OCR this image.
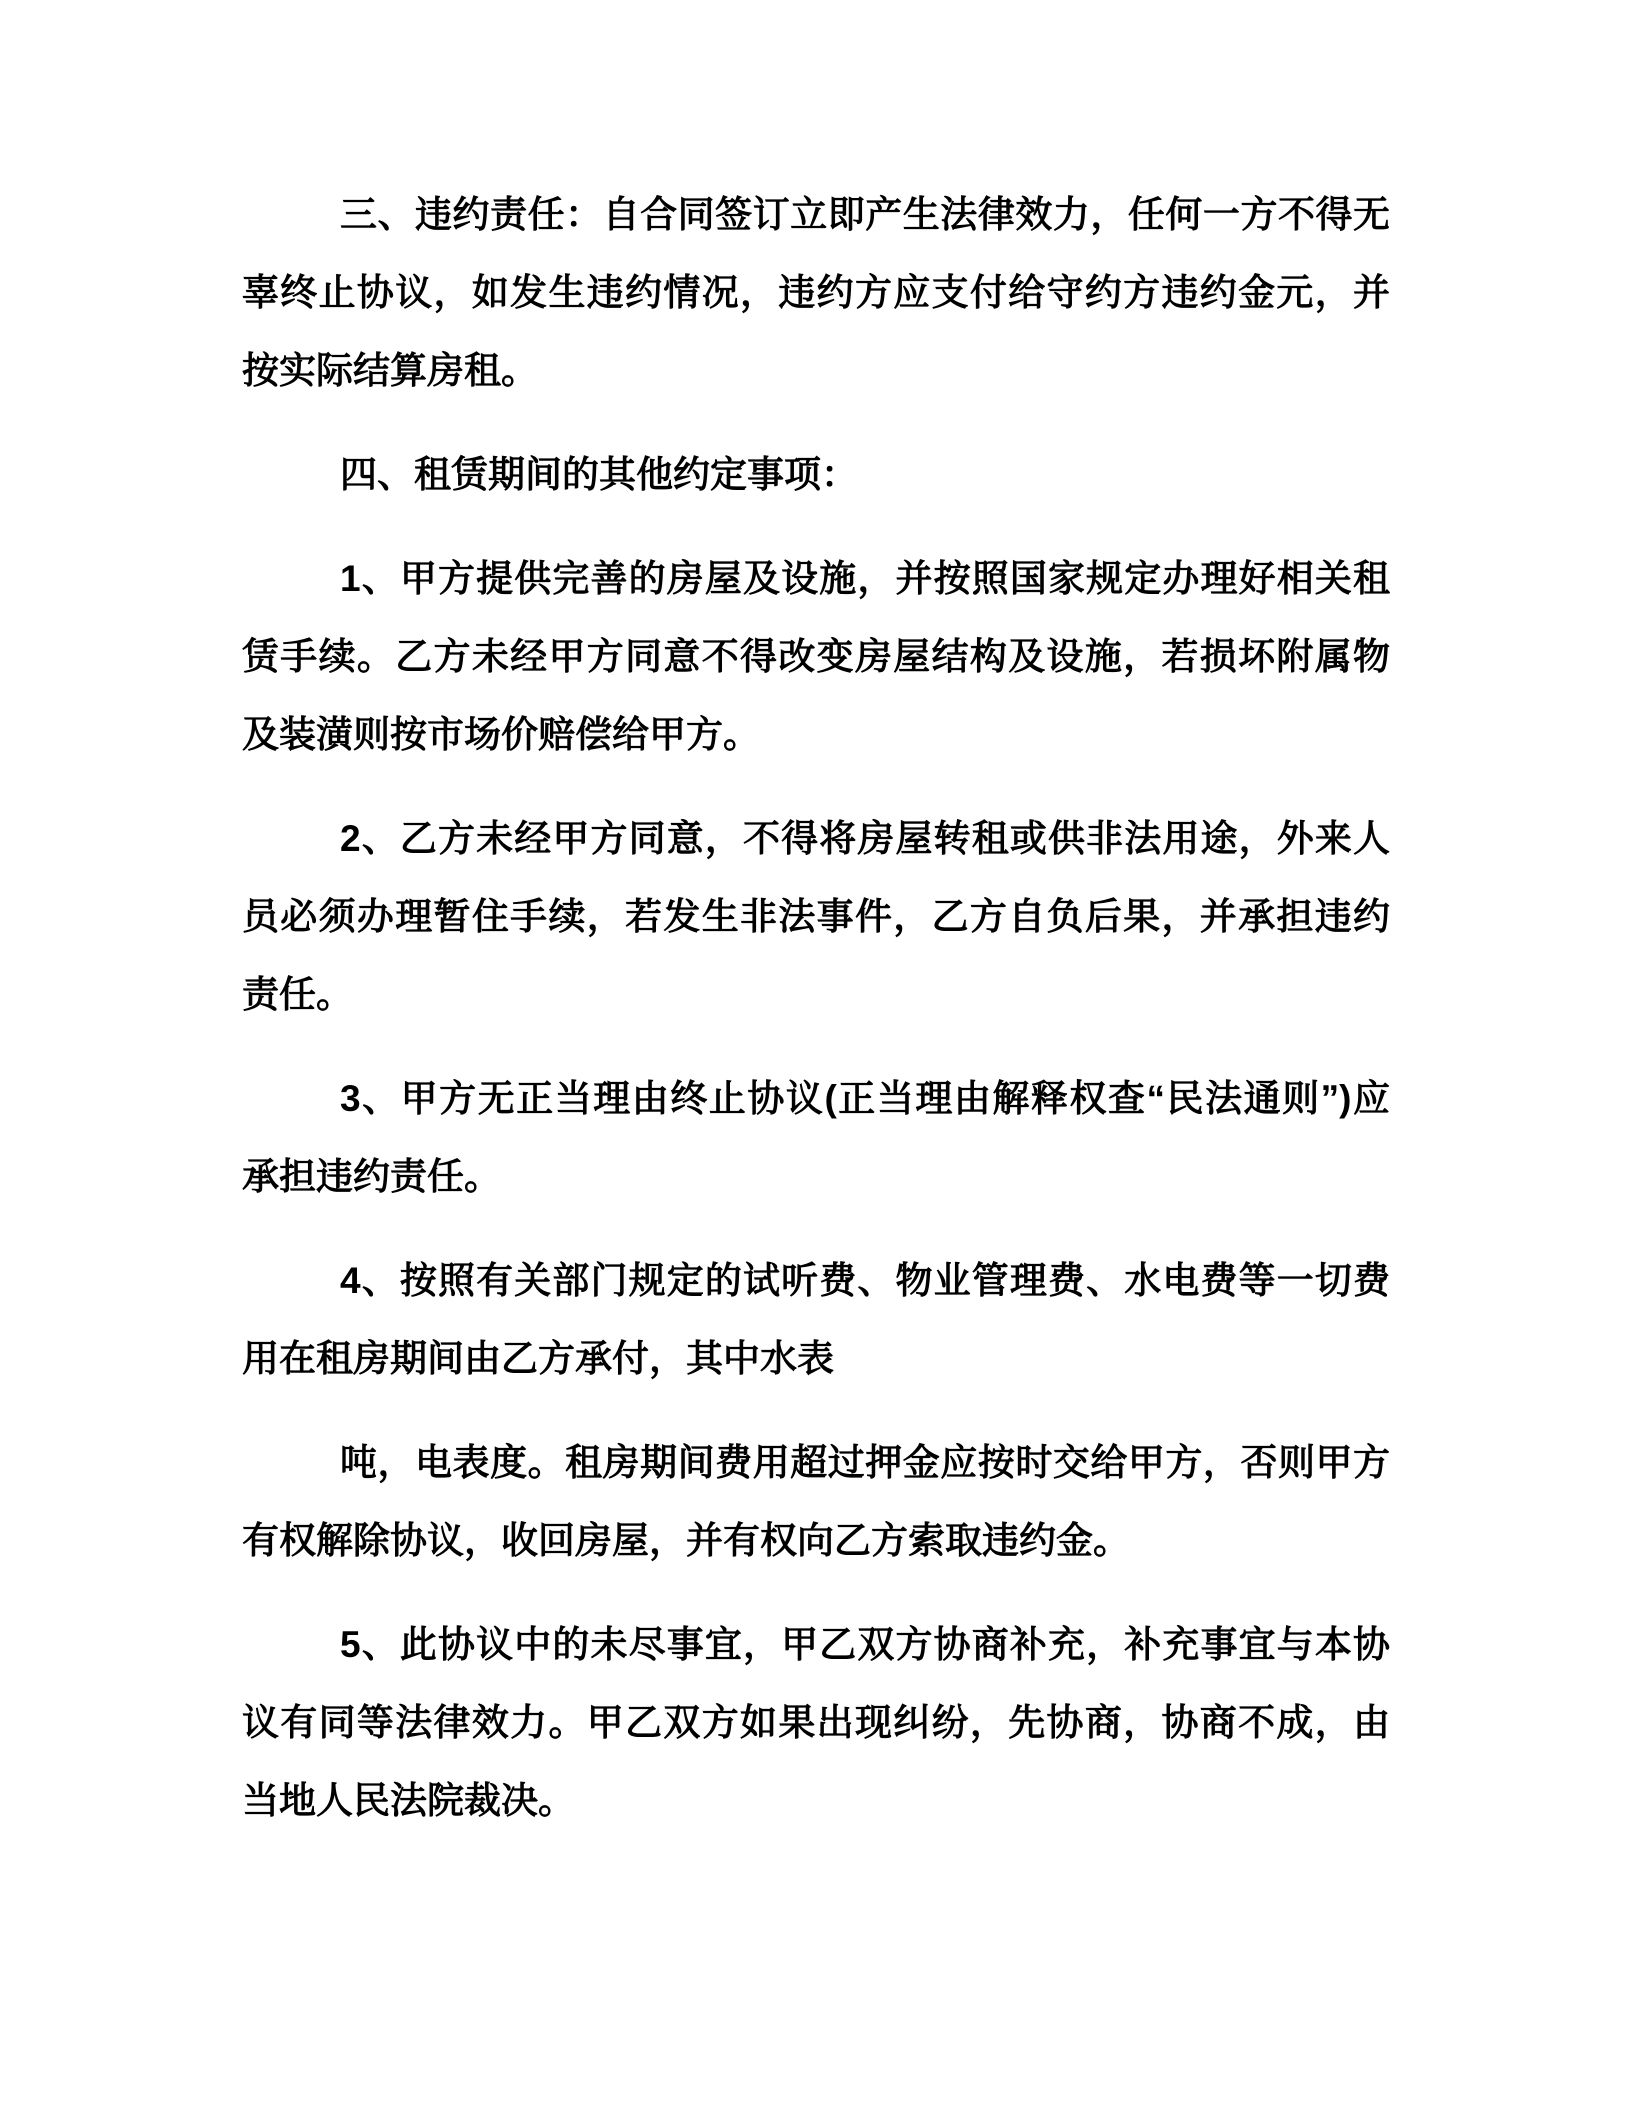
三、违约责任：自合同签订立即产生法律效力，任何一方不得无
辜终止协议，如发生违约情况，违约方应支付给守约方违约金元，并
按实际结算房租。

四、租赁期间的其他约定事项：

1、甲方提供完善的房屋及设施，并按照国家规定办理好相关租
赁手续。乙方未经甲方同意不得改变房屋结构及设施，若损坏附属物
及装潢则按市场价赔偿给甲方。

2、乙方未经甲方同意，不得将房屋转租或供非法用途，外来人
员必须办理暂住手续，若发生非法事件，乙方自负后果，并承担违约
责任。

3、甲方无正当理由终止协议(正当理由解释权查“民法通则”)应
承担违约责任。

4、按照有关部门规定的试听费、物业管理费、水电费等一切费
用在租房期间由乙方承付，其中水表

吨，电表度。租房期间费用超过押金应按时交给甲方，否则甲方
有权解除协议，收回房屋，并有权向乙方索取违约金。

5、此协议中的未尽事宜，甲乙双方协商补充，补充事宜与本协
议有同等法律效力。甲乙双方如果出现纠纷，先协商，协商不成，由
当地人民法院裁决。
